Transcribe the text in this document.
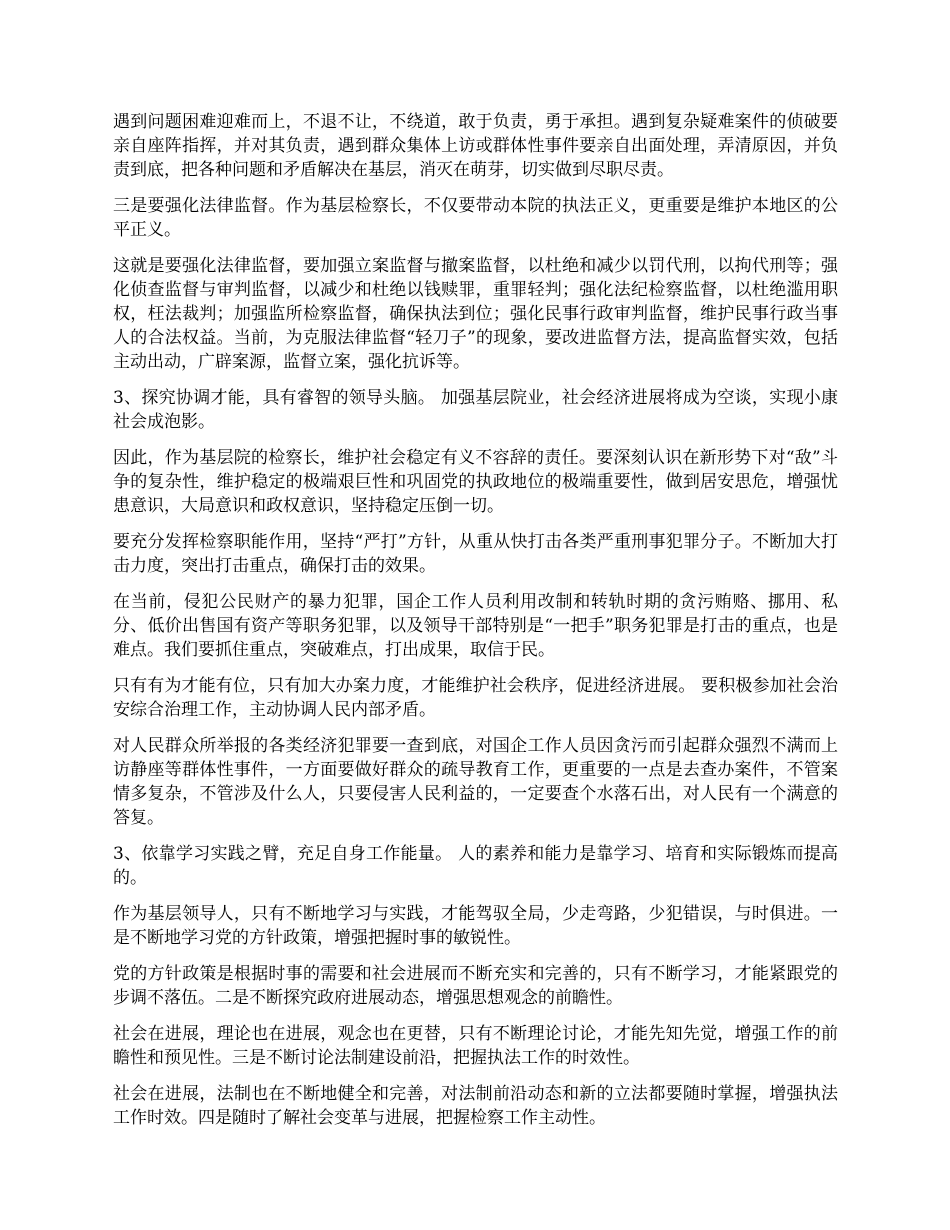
遇到问题困难迎难而上，不退不让，不绕道，敢于负责，勇于承担。遇到复杂疑难案件的侦破要亲自座阵指挥，并对其负责，遇到群众集体上访或群体性事件要亲自出面处理，弄清原因，并负责到底，把各种问题和矛盾解决在基层，消灭在萌芽，切实做到尽职尽责。

三是要强化法律监督。作为基层检察长，不仅要带动本院的执法正义，更重要是维护本地区的公平正义。

这就是要强化法律监督，要加强立案监督与撤案监督，以杜绝和减少以罚代刑，以拘代刑等；强化侦查监督与审判监督，以减少和杜绝以钱赎罪，重罪轻判；强化法纪检察监督，以杜绝滥用职权，枉法裁判；加强监所检察监督，确保执法到位；强化民事行政审判监督，维护民事行政当事人的合法权益。当前，为克服法律监督“轻刀子”的现象，要改进监督方法，提高监督实效，包括主动出动，广辟案源，监督立案，强化抗诉等。

3、探究协调才能，具有睿智的领导头脑。 加强基层院业，社会经济进展将成为空谈，实现小康社会成泡影。

因此，作为基层院的检察长，维护社会稳定有义不容辞的责任。要深刻认识在新形势下对“敌”斗争的复杂性，维护稳定的极端艰巨性和巩固党的执政地位的极端重要性，做到居安思危，增强忧患意识，大局意识和政权意识，坚持稳定压倒一切。

要充分发挥检察职能作用，坚持“严打”方针，从重从快打击各类严重刑事犯罪分子。不断加大打击力度，突出打击重点，确保打击的效果。

在当前，侵犯公民财产的暴力犯罪，国企工作人员利用改制和转轨时期的贪污贿赂、挪用、私分、低价出售国有资产等职务犯罪，以及领导干部特别是“一把手”职务犯罪是打击的重点，也是难点。我们要抓住重点，突破难点，打出成果，取信于民。

只有有为才能有位，只有加大办案力度，才能维护社会秩序，促进经济进展。 要积极参加社会治安综合治理工作，主动协调人民内部矛盾。

对人民群众所举报的各类经济犯罪要一查到底，对国企工作人员因贪污而引起群众强烈不满而上访静座等群体性事件，一方面要做好群众的疏导教育工作，更重要的一点是去查办案件，不管案情多复杂，不管涉及什么人，只要侵害人民利益的，一定要查个水落石出，对人民有一个满意的答复。

3、依靠学习实践之臂，充足自身工作能量。 人的素养和能力是靠学习、培育和实际锻炼而提高的。

作为基层领导人，只有不断地学习与实践，才能驾驭全局，少走弯路，少犯错误，与时俱进。一是不断地学习党的方针政策，增强把握时事的敏锐性。

党的方针政策是根据时事的需要和社会进展而不断充实和完善的，只有不断学习，才能紧跟党的步调不落伍。二是不断探究政府进展动态，增强思想观念的前瞻性。

社会在进展，理论也在进展，观念也在更替，只有不断理论讨论，才能先知先觉，增强工作的前瞻性和预见性。三是不断讨论法制建设前沿，把握执法工作的时效性。

社会在进展，法制也在不断地健全和完善，对法制前沿动态和新的立法都要随时掌握，增强执法工作时效。四是随时了解社会变革与进展，把握检察工作主动性。
